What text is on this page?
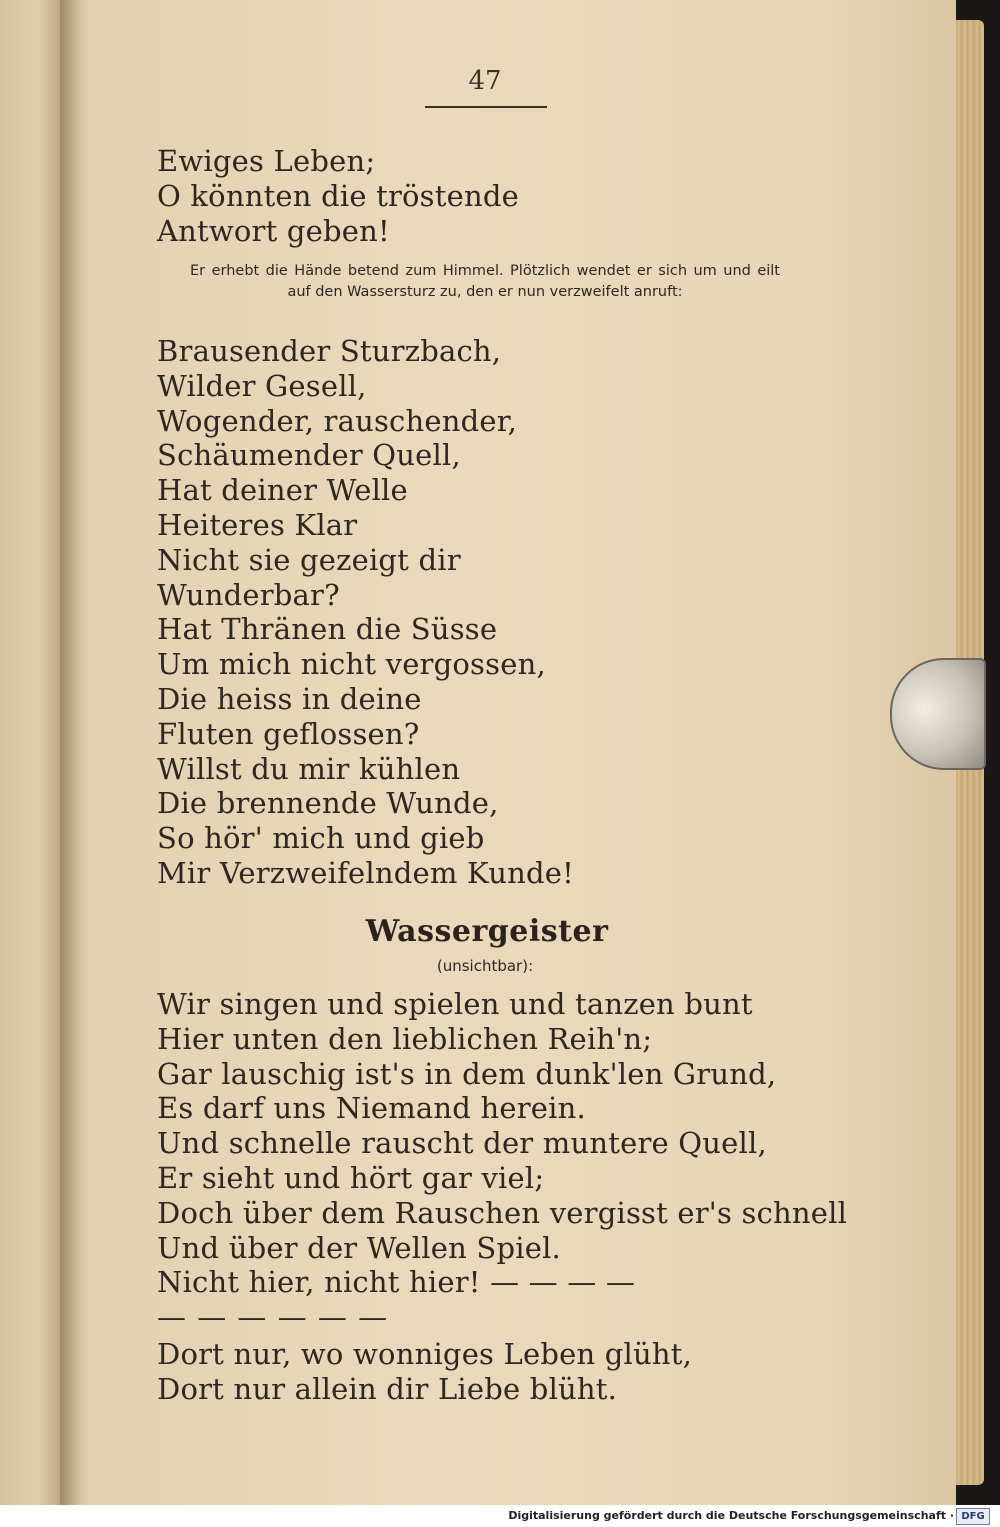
47
Ewiges Leben;
O könnten die tröstende
Antwort geben!
Er erhebt die Hände betend zum Himmel. Plötzlich wendet er sich um und eilt auf den Wassersturz zu, den er nun verzweifelt anruft:
Brausender Sturzbach,
Wilder Gesell,
Wogender, rauschender,
Schäumender Quell,
Hat deiner Welle
Heiteres Klar
Nicht sie gezeigt dir
Wunderbar?
Hat Thränen die Süsse
Um mich nicht vergossen,
Die heiss in deine
Fluten geflossen?
Willst du mir kühlen
Die brennende Wunde,
So hör' mich und gieb
Mir Verzweifelndem Kunde!
Wassergeister
(unsichtbar):
Wir singen und spielen und tanzen bunt
Hier unten den lieblichen Reih'n;
Gar lauschig ist's in dem dunk'len Grund,
Es darf uns Niemand herein.
Und schnelle rauscht der muntere Quell,
Er sieht und hört gar viel;
Doch über dem Rauschen vergisst er's schnell
Und über der Wellen Spiel.
Nicht hier, nicht hier! — — — —
— — — — — —
Dort nur, wo wonniges Leben glüht,
Dort nur allein dir Liebe blüht.
Digitalisierung gefördert durch die Deutsche Forschungsgemeinschaft · DFG
